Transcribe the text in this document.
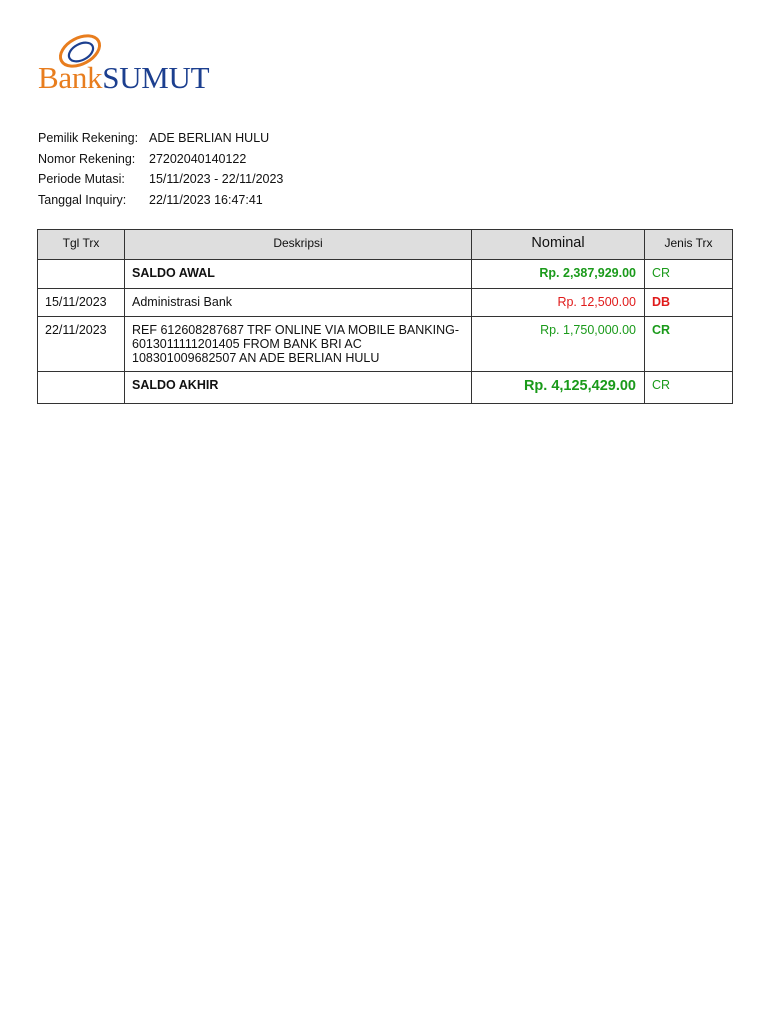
BankSUMUT
Pemilik Rekening: ADE BERLIAN HULU
Nomor Rekening:	27202040140122
Periode Mutasi:	15/11/2023 - 22/11/2023
Tanggal Inquiry:	22/11/2023 16:47:41
Tgl Trx	Deskripsi	Nominal	Jenis Trx
	SALDO AWAL	Rp. 2,387,929.00	CR
15/11/2023	Administrasi Bank	Rp. 12,500.00	DB
22/11/2023	REF 612608287687 TRF ONLINE VIA MOBILE BANKING-6013011111201405 FROM BANK BRI AC 108301009682507 AN ADE BERLIAN HULU	Rp. 1,750,000.00	CR
	SALDO AKHIR	Rp. 4,125,429.00	CR
